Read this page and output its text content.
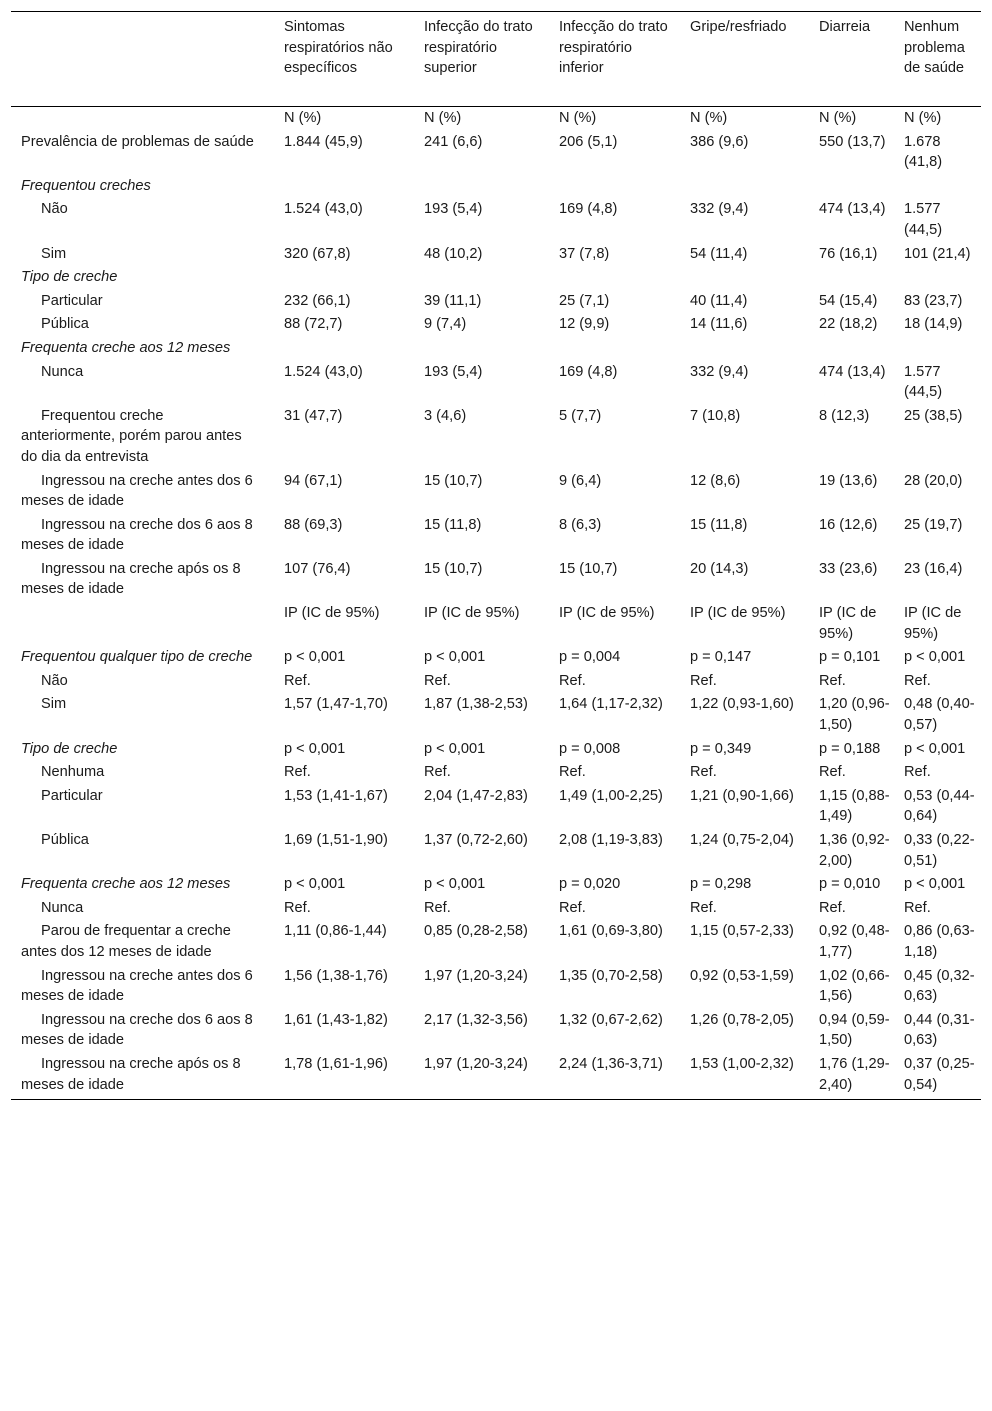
	Sintomas respiratórios não específicos	Infecção do trato respiratório superior	Infecção do trato respiratório inferior	Gripe/resfriado	Diarreia	Nenhum problema de saúde
	N (%)	N (%)	N (%)	N (%)	N (%)	N (%)
Prevalência de problemas de saúde	1.844 (45,9)	241 (6,6)	206 (5,1)	386 (9,6)	550 (13,7)	1.678 (41,8)
Frequentou creches						
Não	1.524 (43,0)	193 (5,4)	169 (4,8)	332 (9,4)	474 (13,4)	1.577 (44,5)
Sim	320 (67,8)	48 (10,2)	37 (7,8)	54 (11,4)	76 (16,1)	101 (21,4)
Tipo de creche						
Particular	232 (66,1)	39 (11,1)	25 (7,1)	40 (11,4)	54 (15,4)	83 (23,7)
Pública	88 (72,7)	9 (7,4)	12 (9,9)	14 (11,6)	22 (18,2)	18 (14,9)
Frequenta creche aos 12 meses						
Nunca	1.524 (43,0)	193 (5,4)	169 (4,8)	332 (9,4)	474 (13,4)	1.577 (44,5)
Frequentou creche anteriormente, porém parou antes do dia da entrevista	31 (47,7)	3 (4,6)	5 (7,7)	7 (10,8)	8 (12,3)	25 (38,5)
Ingressou na creche antes dos 6 meses de idade	94 (67,1)	15 (10,7)	9 (6,4)	12 (8,6)	19 (13,6)	28 (20,0)
Ingressou na creche dos 6 aos 8 meses de idade	88 (69,3)	15 (11,8)	8 (6,3)	15 (11,8)	16 (12,6)	25 (19,7)
Ingressou na creche após os 8 meses de idade	107 (76,4)	15 (10,7)	15 (10,7)	20 (14,3)	33 (23,6)	23 (16,4)
	IP (IC de 95%)	IP (IC de 95%)	IP (IC de 95%)	IP (IC de 95%)	IP (IC de 95%)	IP (IC de 95%)
Frequentou qualquer tipo de creche	p < 0,001	p < 0,001	p = 0,004	p = 0,147	p = 0,101	p < 0,001
Não	Ref.	Ref.	Ref.	Ref.	Ref.	Ref.
Sim	1,57 (1,47-1,70)	1,87 (1,38-2,53)	1,64 (1,17-2,32)	1,22 (0,93-1,60)	1,20 (0,96-1,50)	0,48 (0,40-0,57)
Tipo de creche	p < 0,001	p < 0,001	p = 0,008	p = 0,349	p = 0,188	p < 0,001
Nenhuma	Ref.	Ref.	Ref.	Ref.	Ref.	Ref.
Particular	1,53 (1,41-1,67)	2,04 (1,47-2,83)	1,49 (1,00-2,25)	1,21 (0,90-1,66)	1,15 (0,88-1,49)	0,53 (0,44-0,64)
Pública	1,69 (1,51-1,90)	1,37 (0,72-2,60)	2,08 (1,19-3,83)	1,24 (0,75-2,04)	1,36 (0,92-2,00)	0,33 (0,22-0,51)
Frequenta creche aos 12 meses	p < 0,001	p < 0,001	p = 0,020	p = 0,298	p = 0,010	p < 0,001
Nunca	Ref.	Ref.	Ref.	Ref.	Ref.	Ref.
Parou de frequentar a creche antes dos 12 meses de idade	1,11 (0,86-1,44)	0,85 (0,28-2,58)	1,61 (0,69-3,80)	1,15 (0,57-2,33)	0,92 (0,48-1,77)	0,86 (0,63-1,18)
Ingressou na creche antes dos 6 meses de idade	1,56 (1,38-1,76)	1,97 (1,20-3,24)	1,35 (0,70-2,58)	0,92 (0,53-1,59)	1,02 (0,66-1,56)	0,45 (0,32-0,63)
Ingressou na creche dos 6 aos 8 meses de idade	1,61 (1,43-1,82)	2,17 (1,32-3,56)	1,32 (0,67-2,62)	1,26 (0,78-2,05)	0,94 (0,59-1,50)	0,44 (0,31-0,63)
Ingressou na creche após os 8 meses de idade	1,78 (1,61-1,96)	1,97 (1,20-3,24)	2,24 (1,36-3,71)	1,53 (1,00-2,32)	1,76 (1,29-2,40)	0,37 (0,25-0,54)
